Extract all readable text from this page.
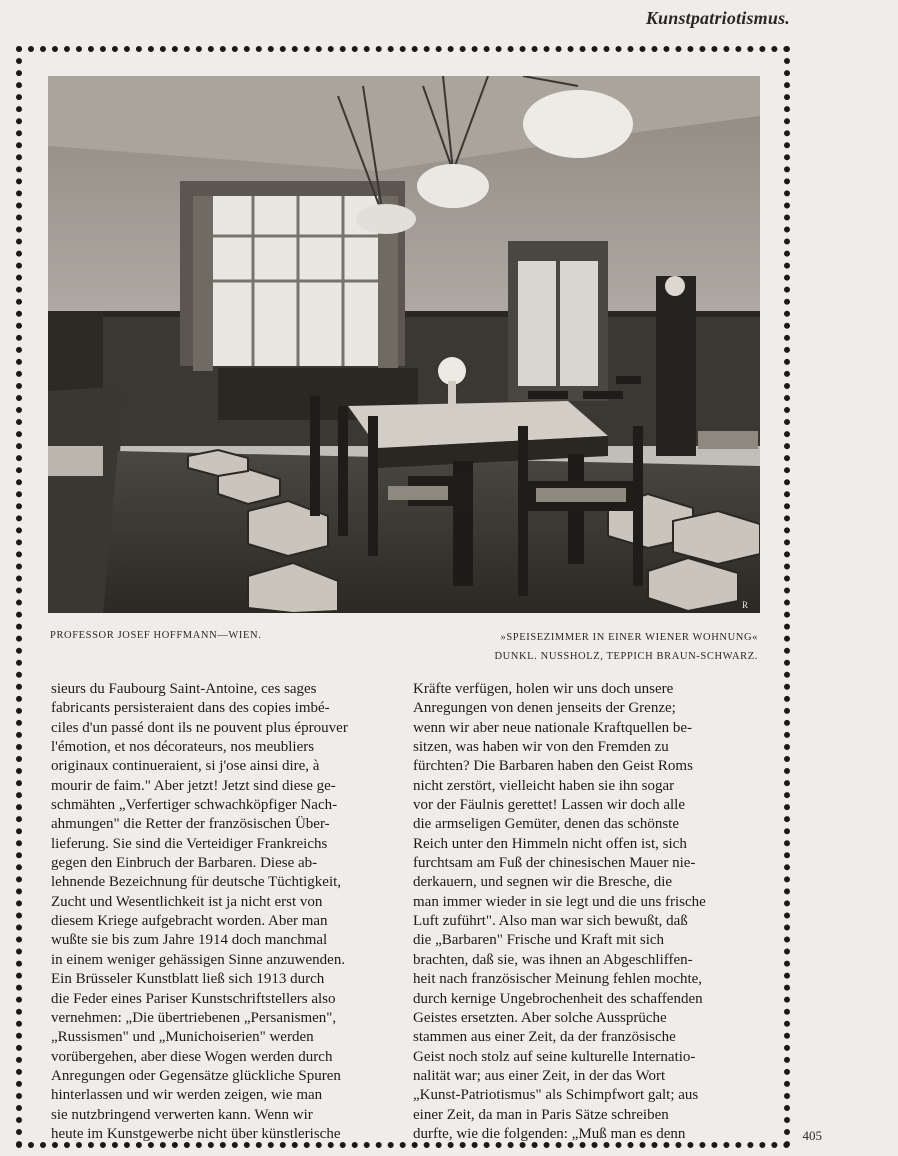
Kunstpatriotismus.
R
PROFESSOR JOSEF HOFFMANN—WIEN.	»SPEISEZIMMER IN EINER WIENER WOHNUNG«
DUNKL. NUSSHOLZ, TEPPICH BRAUN-SCHWARZ.
sieurs du Faubourg Saint-Antoine, ces sages
fabricants persisteraient dans des copies imbé-
ciles d'un passé dont ils ne pouvent plus éprouver
l'émotion, et nos décorateurs, nos meubliers
originaux continueraient, si j'ose ainsi dire, à
mourir de faim." Aber jetzt! Jetzt sind diese ge-
schmähten „Verfertiger schwachköpfiger Nach-
ahmungen" die Retter der französischen Über-
lieferung. Sie sind die Verteidiger Frankreichs
gegen den Einbruch der Barbaren. Diese ab-
lehnende Bezeichnung für deutsche Tüchtigkeit,
Zucht und Wesentlichkeit ist ja nicht erst von
diesem Kriege aufgebracht worden. Aber man
wußte sie bis zum Jahre 1914 doch manchmal
in einem weniger gehässigen Sinne anzuwenden.
Ein Brüsseler Kunstblatt ließ sich 1913 durch
die Feder eines Pariser Kunstschriftstellers also
vernehmen: „Die übertriebenen „Persanismen",
„Russismen" und „Munichoiserien" werden
vorübergehen, aber diese Wogen werden durch
Anregungen oder Gegensätze glückliche Spuren
hinterlassen und wir werden zeigen, wie man
sie nutzbringend verwerten kann. Wenn wir
heute im Kunstgewerbe nicht über künstlerische
Kräfte verfügen, holen wir uns doch unsere
Anregungen von denen jenseits der Grenze;
wenn wir aber neue nationale Kraftquellen be-
sitzen, was haben wir von den Fremden zu
fürchten? Die Barbaren haben den Geist Roms
nicht zerstört, vielleicht haben sie ihn sogar
vor der Fäulnis gerettet! Lassen wir doch alle
die armseligen Gemüter, denen das schönste
Reich unter den Himmeln nicht offen ist, sich
furchtsam am Fuß der chinesischen Mauer nie-
derkauern, und segnen wir die Bresche, die
man immer wieder in sie legt und die uns frische
Luft zuführt". Also man war sich bewußt, daß
die „Barbaren" Frische und Kraft mit sich
brachten, daß sie, was ihnen an Abgeschliffen-
heit nach französischer Meinung fehlen mochte,
durch kernige Ungebrochenheit des schaffenden
Geistes ersetzten. Aber solche Aussprüche
stammen aus einer Zeit, da der französische
Geist noch stolz auf seine kulturelle Internatio-
nalität war; aus einer Zeit, in der das Wort
„Kunst-Patriotismus" als Schimpfwort galt; aus
einer Zeit, da man in Paris Sätze schreiben
durfte, wie die folgenden: „Muß man es denn	405
